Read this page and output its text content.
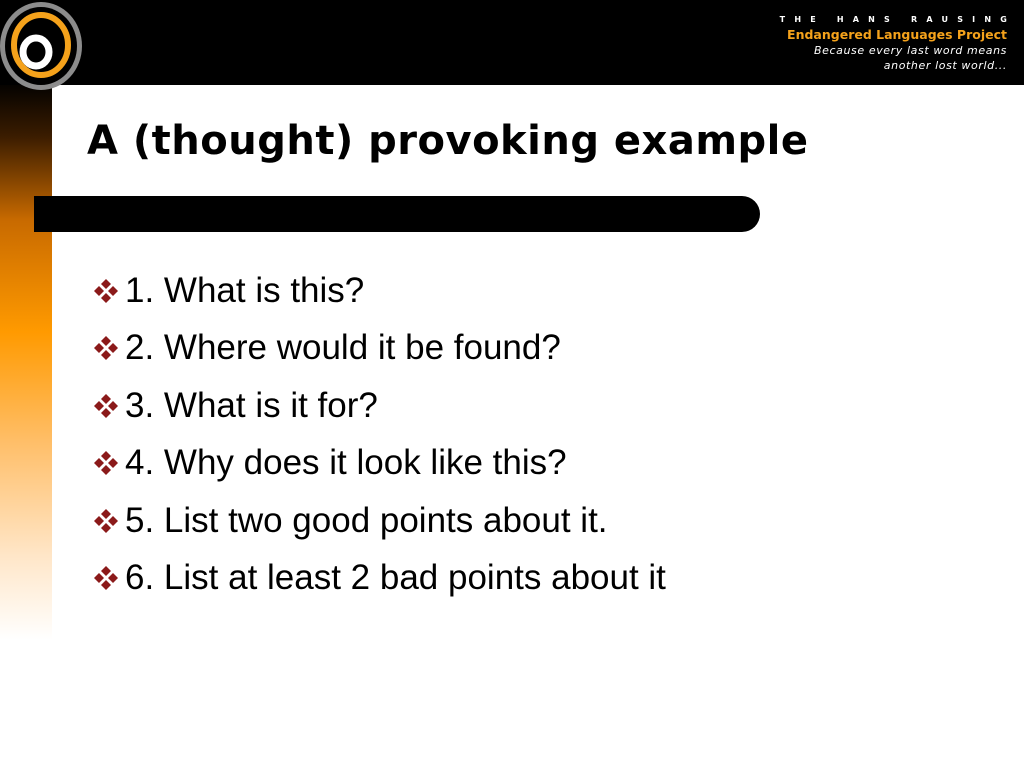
THE HANS RAUSING
Endangered Languages Project
Because every last word means
another lost world...
A (thought) provoking example
1. What is this?
2. Where would it be found?
3. What is it for?
4. Why does it look like this?
5. List two good points about it.
6. List at least 2 bad points about it
